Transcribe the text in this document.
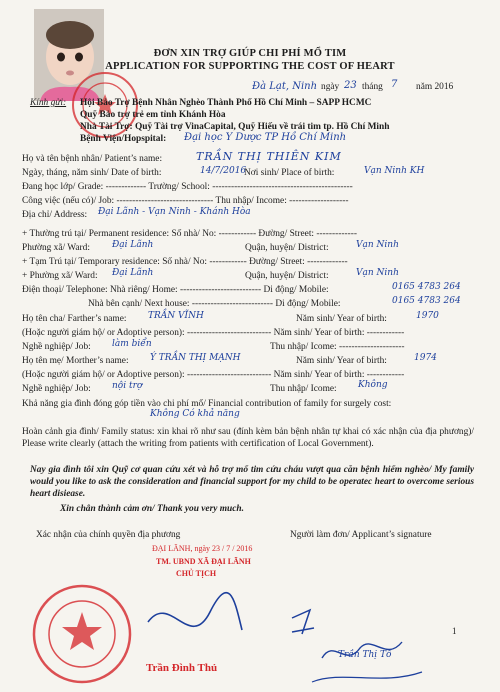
ĐƠN XIN TRỢ GIÚP CHI PHÍ MỔ TIM
APPLICATION FOR SUPPORTING THE COST OF HEART
Đà Lạt, Ninh ngày 23 tháng 7 năm 2016
Kính gửi: Hội Bảo Trợ Bệnh Nhân Nghèo Thành Phố Hồ Chí Minh – SAPP HCMC
Quỹ Bảo trợ trẻ em tỉnh Khánh Hòa
Nhà Tài Trợ: Quỹ Tài trợ VinaCapital, Quỹ Hiếu về trái tim tp. Hồ Chí Minh
Bệnh Viện/Hopspital: Đại học Y Dược TP Hồ Chí Minh
Họ và tên bệnh nhân/ Patient’s name:	TRẦN THỊ THIÊN KIM
Ngày, tháng, năm sinh/ Date of birth:	14/7/2016
Nơi sinh/ Place of birth:	Vạn Ninh KH
Đang học lớp/ Grade: ------------- Trường/ School: ---------------------------------------------
Công việc (nếu có)/ Job: ------------------------------- Thu nhập/ Income: -------------------
Địa chỉ/ Address: Đại Lãnh - Vạn Ninh - Khánh Hòa
+ Thường trú tại/ Permanent residence: Số nhà/ No: ------------ Đường/ Street: -------------
Phường xã/ Ward: Đại Lãnh	Quận, huyện/ District:	Vạn Ninh
+ Tạm Trú tại/ Temporary residence: Số nhà/ No: ------------ Đường/ Street: -------------
+ Phường xã/ Ward: Đại Lãnh	Quận, huyện/ District:	Vạn Ninh
Điện thoại/ Telephone: Nhà riêng/ Home: -------------------------- Di động/ Mobile:	0165 4783 264
Nhà bên cạnh/ Next house: -------------------------- Di động/ Mobile:	0165 4783 264
Họ tên cha/ Farther’s name: TRẦN VĨNH	Năm sinh/ Year of birth:	1970
(Hoặc người giám hộ/ or Adoptive person): --------------------------- Năm sinh/ Year of birth: ------------
Nghề nghiệp/ Job: làm biển	Thu nhập/ Icome: ---------------------
Họ tên mẹ/ Morther’s name: Ý TRẦN THỊ MẠNH	Năm sinh/ Year of birth:	1974
(Hoặc người giám hộ/ or Adoptive person): --------------------------- Năm sinh/ Year of birth: ------------
Nghề nghiệp/ Job: nội trợ	Thu nhập/ Icome: Không
Khả năng gia đình đóng góp tiền vào chi phí mổ/ Financial contribution of family for surgely cost:
Không Có khả năng
Hoàn cảnh gia đình/ Family status: xin khai rõ như sau (đính kèm bản bệnh nhân tự khai có xác nhận của địa phương)/ Please write clearly (attach the writing from patients with certification of Local Government).
Nay gia đình tôi xin Quỹ cơ quan cứu xét và hỗ trợ mổ tim cứu cháu vượt qua căn bệnh hiểm nghèo/ My family would you like to ask the consideration and financial support for my child to be operatec heart to overcome serious heart disiease.
Xin chân thành cảm ơn/ Thank you very much.
Xác nhận của chính quyền địa phương	Người làm đơn/ Applicant’s signature
ĐẠI LÃNH, ngày 23 / 7 / 2016
TM. UBND XÃ ĐẠI LÃNH
CHỦ TỊCH
Trần Đình Thủ
Trần Thị Tố
1
